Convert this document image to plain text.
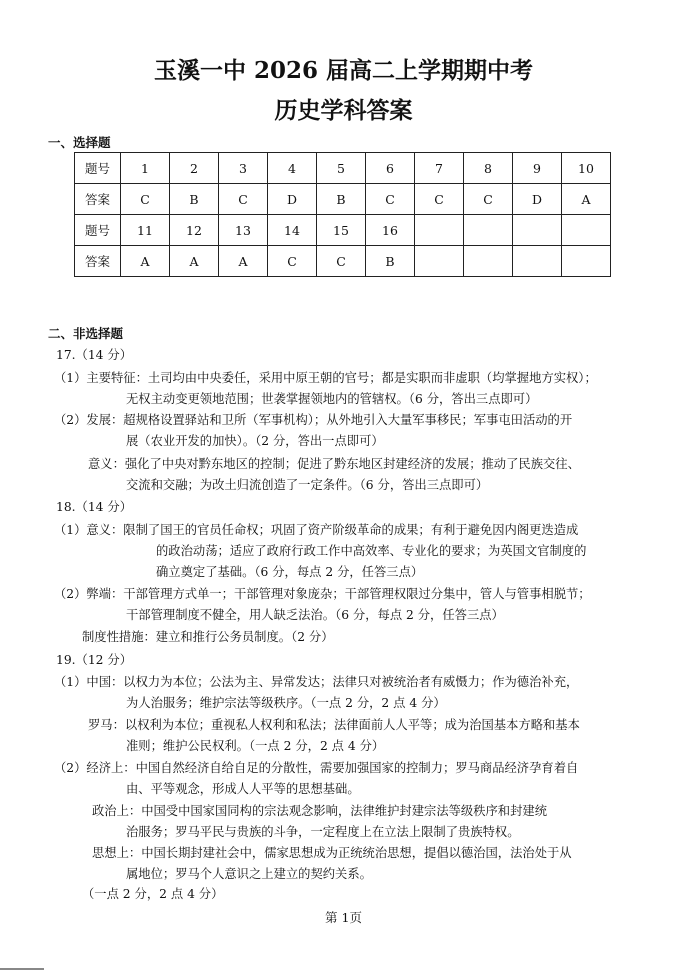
玉溪一中 2026 届高二上学期期中考
历史学科答案
一、选择题
题号	1	2	3	4	5	6	7	8	9	10
答案	C	B	C	D	B	C	C	C	D	A
题号	11	12	13	14	15	16				
答案	A	A	A	C	C	B				
二、非选择题
17.（14 分）
（1）主要特征：土司均由中央委任，采用中原王朝的官号；都是实职而非虚职（均掌握地方实权）；
无权主动变更领地范围；世袭掌握领地内的管辖权。（6 分，答出三点即可）
（2）发展：超规格设置驿站和卫所（军事机构）；从外地引入大量军事移民；军事屯田活动的开
展（农业开发的加快）。（2 分，答出一点即可）
意义：强化了中央对黔东地区的控制；促进了黔东地区封建经济的发展；推动了民族交往、
交流和交融；为改土归流创造了一定条件。（6 分，答出三点即可）
18.（14 分）
（1）意义：限制了国王的官员任命权；巩固了资产阶级革命的成果；有利于避免因内阁更迭造成
的政治动荡；适应了政府行政工作中高效率、专业化的要求；为英国文官制度的
确立奠定了基础。（6 分，每点 2 分，任答三点）
（2）弊端：干部管理方式单一；干部管理对象庞杂；干部管理权限过分集中，管人与管事相脱节；
干部管理制度不健全，用人缺乏法治。（6 分，每点 2 分，任答三点）
制度性措施：建立和推行公务员制度。（2 分）
19.（12 分）
（1）中国：以权力为本位；公法为主、异常发达；法律只对被统治者有威慑力；作为德治补充，
为人治服务；维护宗法等级秩序。（一点 2 分，2 点 4 分）
罗马：以权利为本位；重视私人权利和私法；法律面前人人平等；成为治国基本方略和基本
准则；维护公民权利。（一点 2 分，2 点 4 分）
（2）经济上：中国自然经济自给自足的分散性，需要加强国家的控制力；罗马商品经济孕育着自
由、平等观念，形成人人平等的思想基础。
政治上：中国受中国家国同构的宗法观念影响，法律维护封建宗法等级秩序和封建统
治服务；罗马平民与贵族的斗争，一定程度上在立法上限制了贵族特权。
思想上：中国长期封建社会中，儒家思想成为正统统治思想，提倡以德治国，法治处于从
属地位；罗马个人意识之上建立的契约关系。
（一点 2 分，2 点 4 分）
第 1页
